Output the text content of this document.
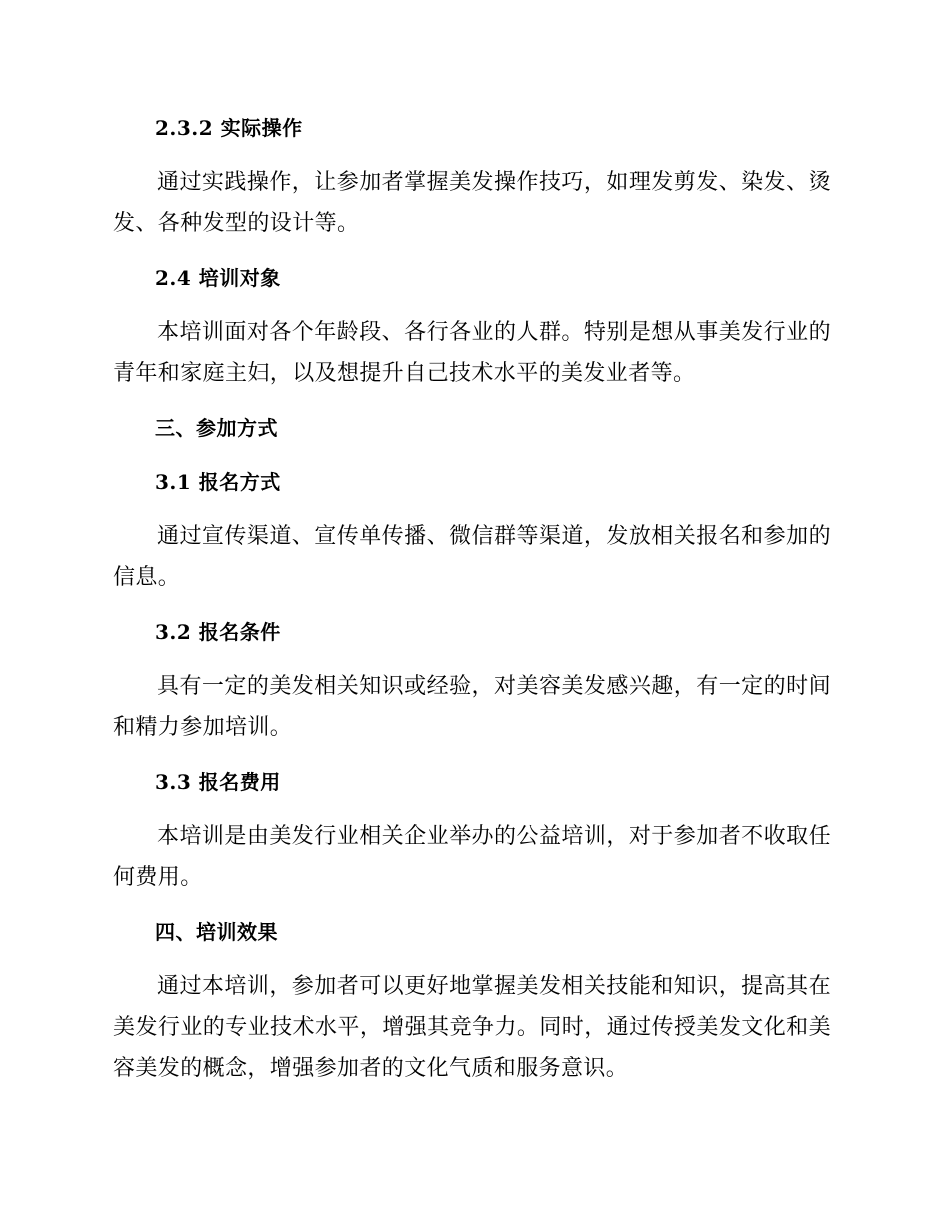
2.3.2 实际操作

通过实践操作，让参加者掌握美发操作技巧，如理发剪发、染发、烫发、各种发型的设计等。

2.4 培训对象

本培训面对各个年龄段、各行各业的人群。特别是想从事美发行业的青年和家庭主妇，以及想提升自己技术水平的美发业者等。

三、参加方式
3.1 报名方式

通过宣传渠道、宣传单传播、微信群等渠道，发放相关报名和参加的信息。

3.2 报名条件

具有一定的美发相关知识或经验，对美容美发感兴趣，有一定的时间和精力参加培训。

3.3 报名费用

本培训是由美发行业相关企业举办的公益培训，对于参加者不收取任何费用。

四、培训效果

通过本培训，参加者可以更好地掌握美发相关技能和知识，提高其在美发行业的专业技术水平，增强其竞争力。同时，通过传授美发文化和美容美发的概念，增强参加者的文化气质和服务意识。
